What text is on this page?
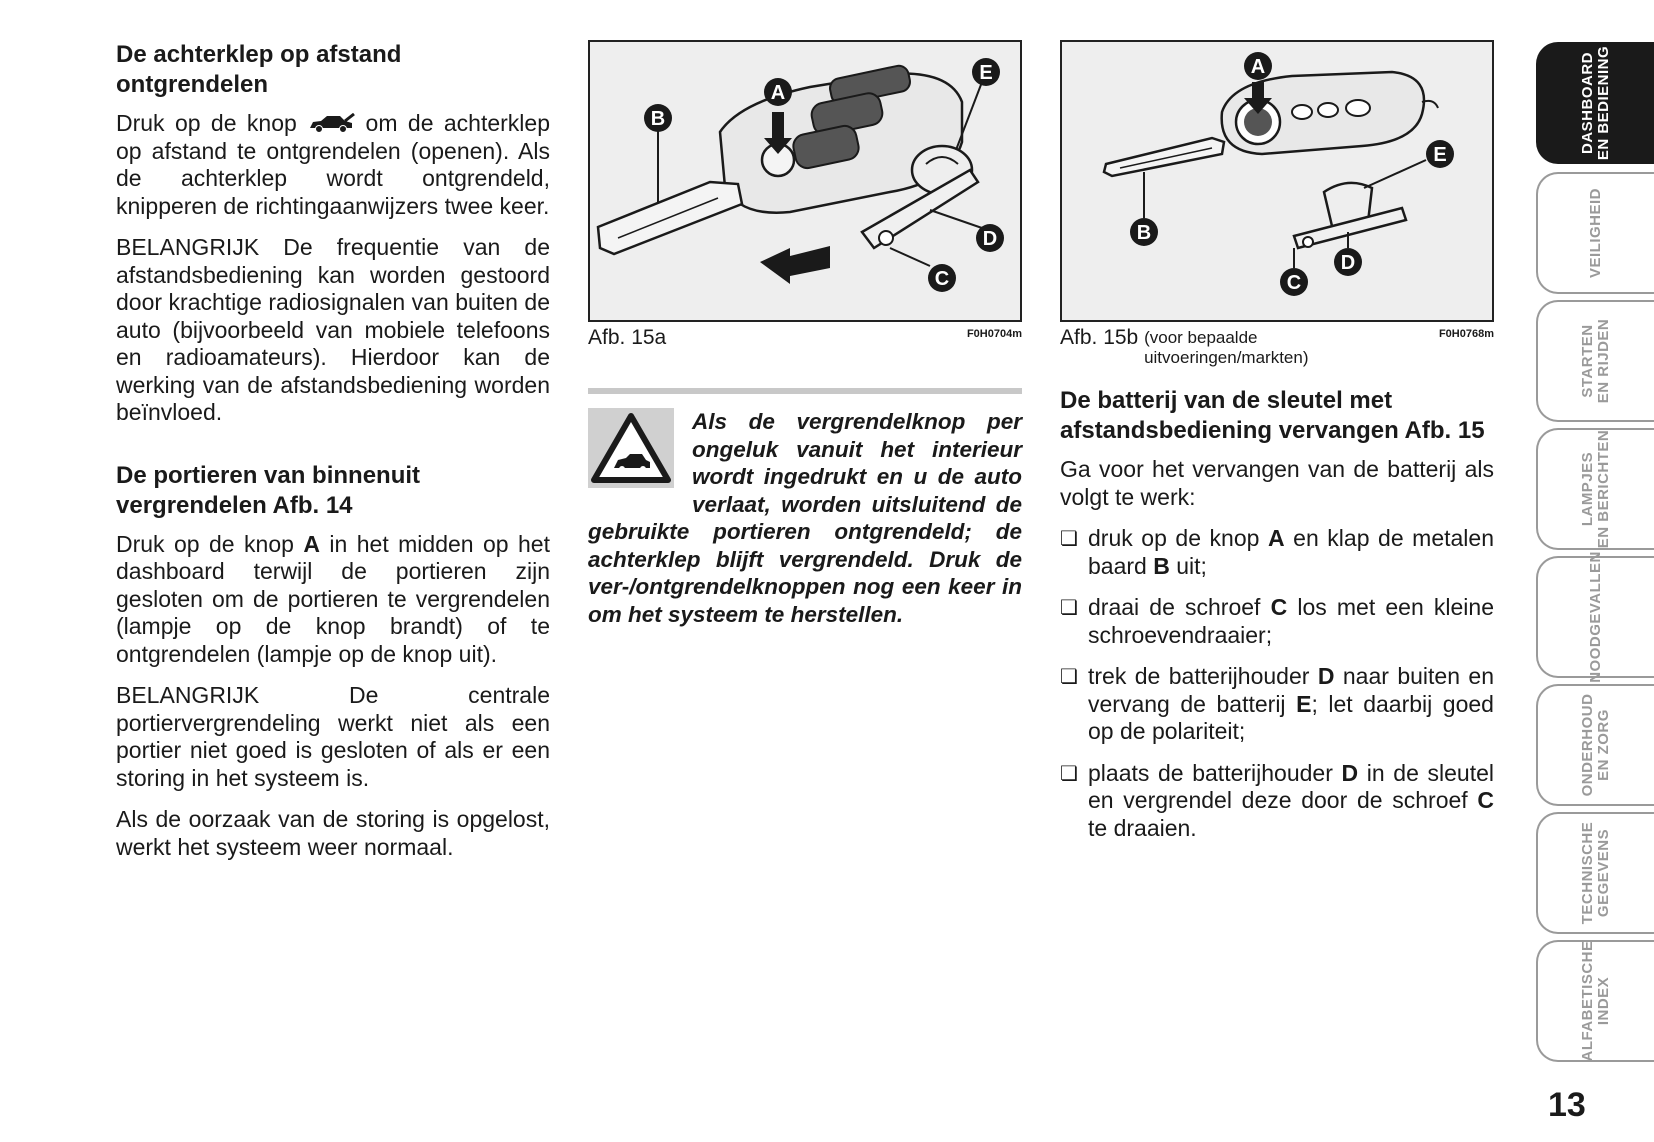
De achterklep op afstand ontgrendelen

Druk op de knop  om de achterklep op afstand te ontgrendelen (openen). Als de achterklep wordt ontgrendeld, knipperen de richtingaanwijzers twee keer.

BELANGRIJK De frequentie van de afstandsbediening kan worden gestoord door krachtige radiosignalen van buiten de auto (bijvoorbeeld van mobiele telefoons en radioamateurs). Hierdoor kan de werking van de afstandsbediening worden beïnvloed.

De portieren van binnenuit vergrendelen Afb. 14

Druk op de knop A in het midden op het dashboard terwijl de portieren zijn gesloten om de portieren te vergrendelen (lampje op de knop brandt) of te ontgrendelen (lampje op de knop uit).

BELANGRIJK De centrale portiervergrendeling werkt niet als een portier niet goed is gesloten of als er een storing in het systeem is.

Als de oorzaak van de storing is opgelost, werkt het systeem weer normaal.

A
B
E
D
C
Afb. 15a	F0H0704m

Als de vergrendelknop per ongeluk vanuit het interieur wordt ingedrukt en u de auto verlaat, worden uitsluitend de gebruikte portieren ontgrendeld; de achterklep blijft vergrendeld. Druk de ver-/ontgrendelknoppen nog een keer in om het systeem te herstellen.

A
B
E
D
C
Afb. 15b (voor bepaalde uitvoeringen/markten)
F0H0768m
De batterij van de sleutel met afstandsbediening vervangen Afb. 15

Ga voor het vervangen van de batterij als volgt te werk:

❏ druk op de knop A en klap de metalen baard B uit;
❏ draai de schroef C los met een kleine schroevendraaier;
❏ trek de batterijhouder D naar buiten en vervang de batterij E; let daarbij goed op de polariteit;
❏ plaats de batterijhouder D in de sleutel en vergrendel deze door de schroef C te draaien.
DASHBOARD
EN BEDIENING
VEILIGHEID
STARTEN
EN RIJDEN
LAMPJES
EN BERICHTEN
NOODGEVALLEN
ONDERHOUD
EN ZORG
TECHNISCHE
GEGEVENS
ALFABETISCHE
INDEX
13
